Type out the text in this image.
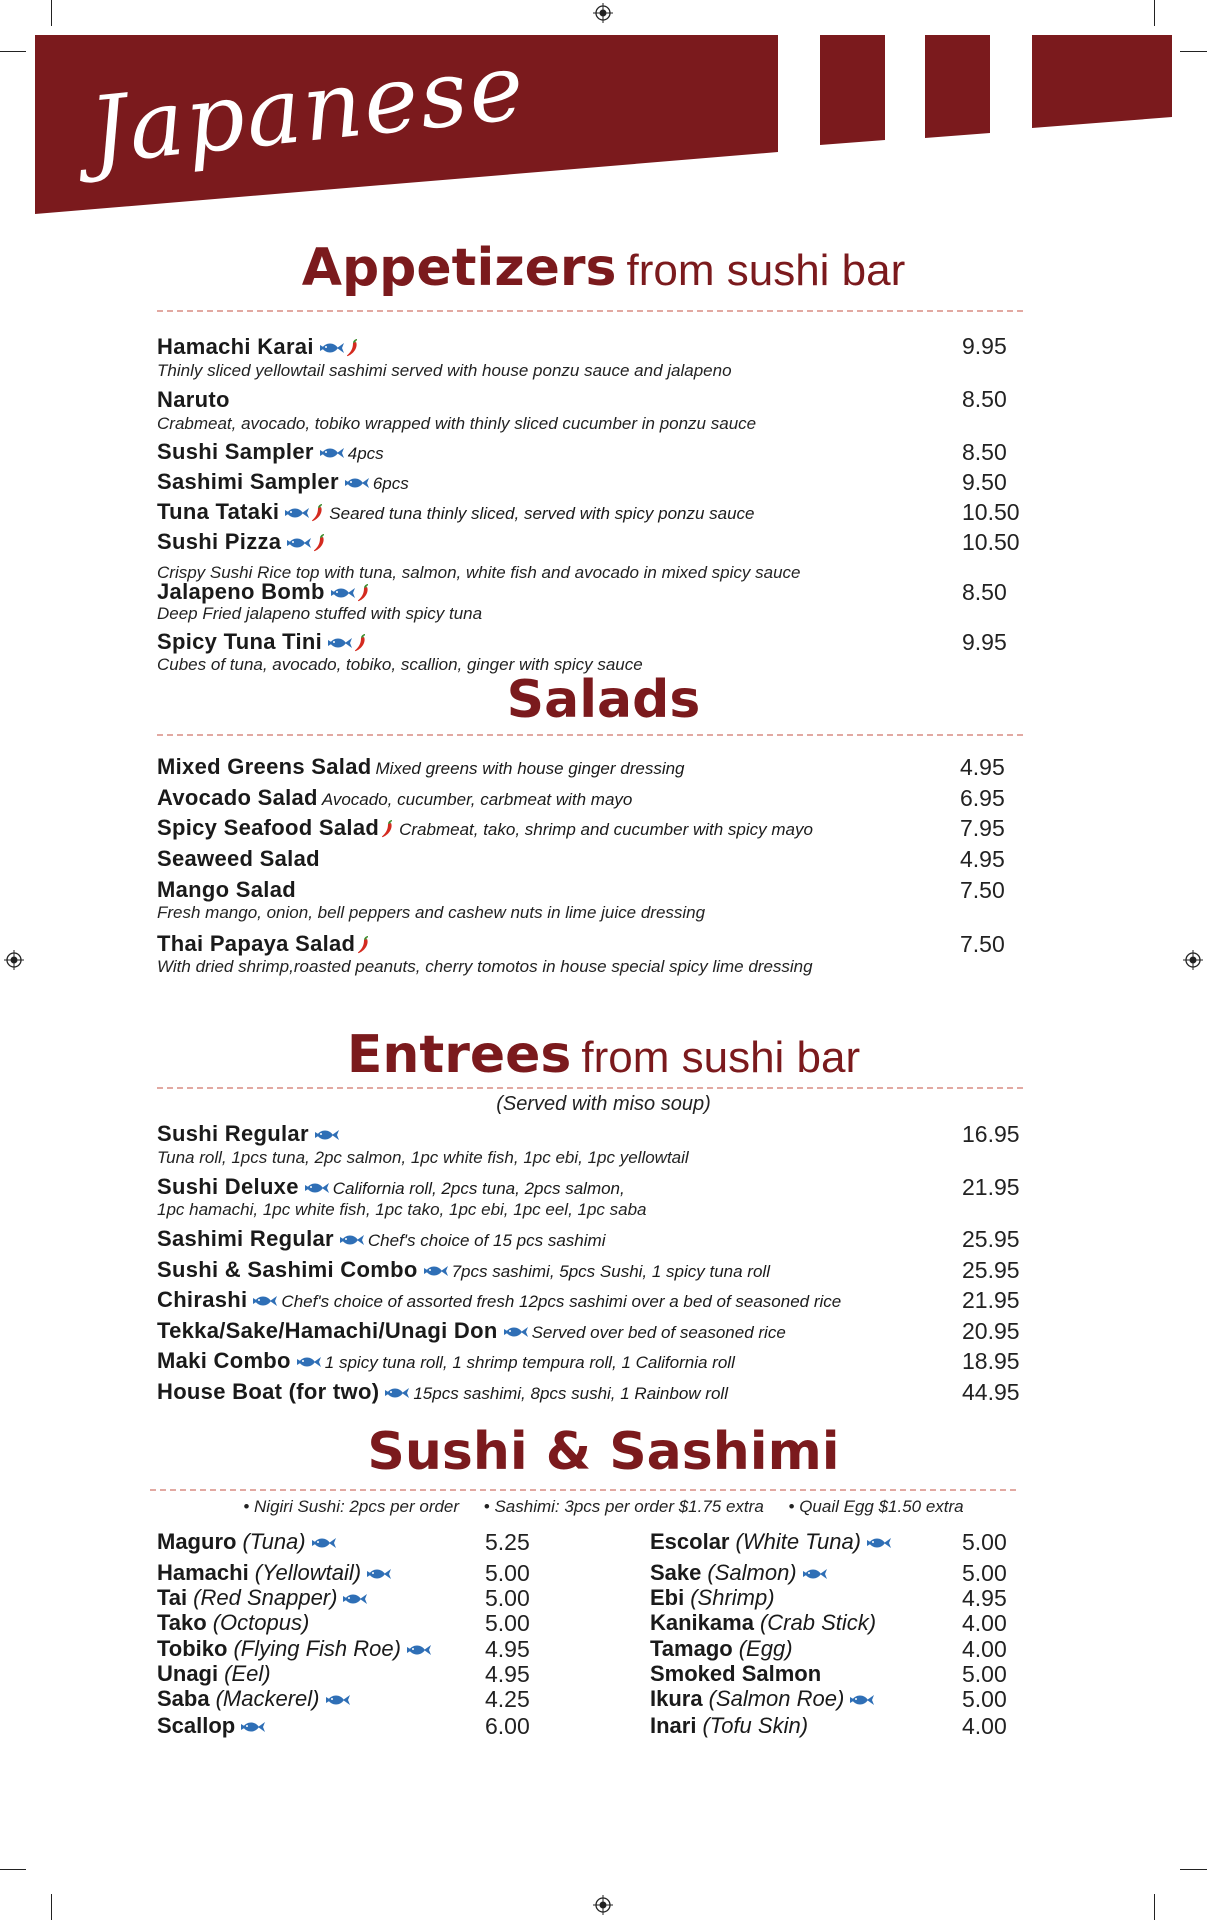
Japanese
Appetizers from sushi bar
Hamachi Karai
Thinly sliced yellowtail sashimi served with house ponzu sauce and jalapeno
9.95
Naruto
Crabmeat, avocado, tobiko wrapped with thinly sliced cucumber in ponzu sauce
8.50
Sushi Sampler 4pcs	8.50
Sashimi Sampler 6pcs	9.50
Tuna Tataki	Seared tuna thinly sliced, served with spicy ponzu sauce	10.50
Sushi Pizza
Crispy Sushi Rice top with tuna, salmon, white fish and avocado in mixed spicy sauce
10.50
Jalapeno Bomb
Deep Fried jalapeno stuffed with spicy tuna
8.50
Spicy Tuna Tini
Cubes of tuna, avocado, tobiko, scallion, ginger with spicy sauce
9.95
Salads
Mixed Greens Salad Mixed greens with house ginger dressing	4.95
Avocado Salad Avocado, cucumber, carbmeat with mayo	6.95
Spicy Seafood Salad Crabmeat, tako, shrimp and cucumber with spicy mayo	7.95
Seaweed Salad	4.95
Mango Salad
Fresh mango, onion, bell peppers and cashew nuts in lime juice dressing
7.50
Thai Papaya Salad
With dried shrimp,roasted peanuts, cherry tomotos in house special spicy lime dressing
7.50
Entrees from sushi bar
(Served with miso soup)
Sushi Regular
Tuna roll, 1pcs tuna, 2pc salmon, 1pc white fish, 1pc ebi, 1pc yellowtail
16.95
Sushi Deluxe California roll, 2pcs tuna, 2pcs salmon,
1pc hamachi, 1pc white fish, 1pc tako, 1pc ebi, 1pc eel, 1pc saba
21.95
Sashimi Regular Chef's choice of 15 pcs sashimi	25.95
Sushi & Sashimi Combo 7pcs sashimi, 5pcs Sushi, 1 spicy tuna roll	25.95
Chirashi Chef's choice of assorted fresh 12pcs sashimi over a bed of seasoned rice	21.95
Tekka/Sake/Hamachi/Unagi Don Served over bed of seasoned rice	20.95
Maki Combo 1 spicy tuna roll, 1 shrimp tempura roll, 1 California roll	18.95
House Boat (for two) 15pcs sashimi, 8pcs sushi, 1 Rainbow roll	44.95
Sushi & Sashimi
• Nigiri Sushi: 2pcs per order • Sashimi: 3pcs per order $1.75 extra • Quail Egg $1.50 extra
Maguro (Tuna)	5.25
Hamachi (Yellowtail)	5.00
Tai (Red Snapper)	5.00
Tako (Octopus)	5.00
Tobiko (Flying Fish Roe)	4.95
Unagi (Eel)	4.95
Saba (Mackerel)	4.25
Scallop	6.00
Escolar (White Tuna)	5.00
Sake (Salmon)	5.00
Ebi (Shrimp)	4.95
Kanikama (Crab Stick)	4.00
Tamago (Egg)	4.00
Smoked Salmon	5.00
Ikura (Salmon Roe)	5.00
Inari (Tofu Skin)	4.00
